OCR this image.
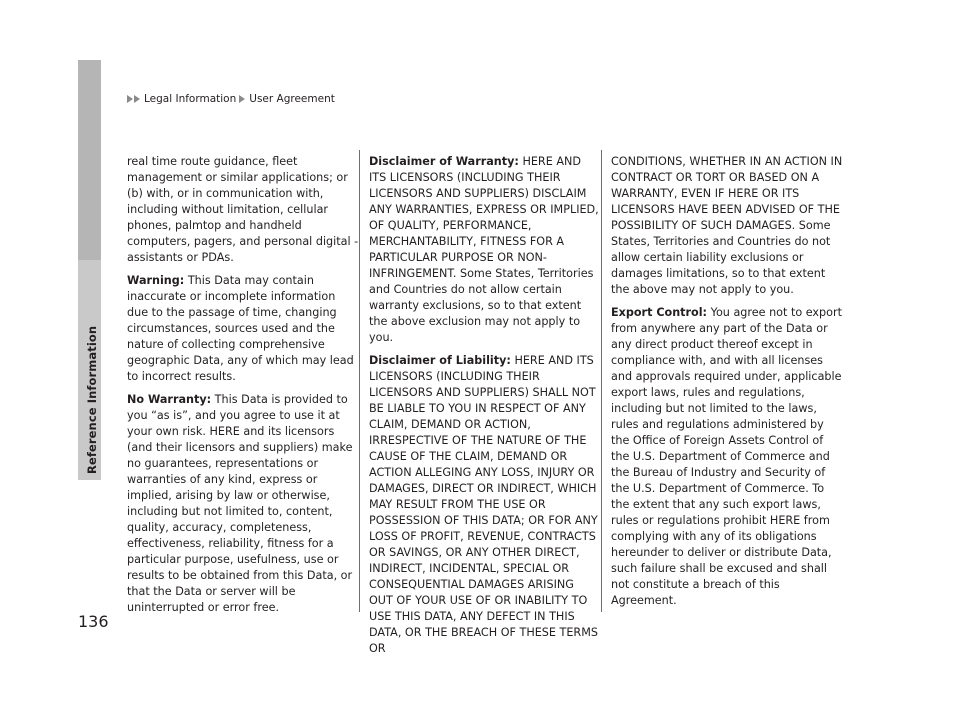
Legal Information User Agreement
Reference Information

real time route guidance, fleet management or similar applications; or (b) with, or in communication with, including without limitation, cellular phones, palmtop and handheld computers, pagers, and personal digital -assistants or PDAs.

Warning: This Data may contain inaccurate or incomplete information due to the passage of time, changing circumstances, sources used and the nature of collecting comprehensive geographic Data, any of which may lead to incorrect results.

No Warranty: This Data is provided to you “as is”, and you agree to use it at your own risk. HERE and its licensors (and their licensors and suppliers) make no guarantees, representations or warranties of any kind, express or implied, arising by law or otherwise, including but not limited to, content, quality, accuracy, completeness, effectiveness, reliability, fitness for a particular purpose, usefulness, use or results to be obtained from this Data, or that the Data or server will be uninterrupted or error free.

Disclaimer of Warranty: HERE AND ITS LICENSORS (INCLUDING THEIR LICENSORS AND SUPPLIERS) DISCLAIM ANY WARRANTIES, EXPRESS OR IMPLIED, OF QUALITY, PERFORMANCE, MERCHANTABILITY, FITNESS FOR A PARTICULAR PURPOSE OR NON-INFRINGEMENT. Some States, Territories and Countries do not allow certain warranty exclusions, so to that extent the above exclusion may not apply to you.

Disclaimer of Liability: HERE AND ITS LICENSORS (INCLUDING THEIR LICENSORS AND SUPPLIERS) SHALL NOT BE LIABLE TO YOU IN RESPECT OF ANY CLAIM, DEMAND OR ACTION, IRRESPECTIVE OF THE NATURE OF THE CAUSE OF THE CLAIM, DEMAND OR ACTION ALLEGING ANY LOSS, INJURY OR DAMAGES, DIRECT OR INDIRECT, WHICH MAY RESULT FROM THE USE OR POSSESSION OF THIS DATA; OR FOR ANY LOSS OF PROFIT, REVENUE, CONTRACTS OR SAVINGS, OR ANY OTHER DIRECT, INDIRECT, INCIDENTAL, SPECIAL OR CONSEQUENTIAL DAMAGES ARISING OUT OF YOUR USE OF OR INABILITY TO USE THIS DATA, ANY DEFECT IN THIS DATA, OR THE BREACH OF THESE TERMS OR

CONDITIONS, WHETHER IN AN ACTION IN CONTRACT OR TORT OR BASED ON A WARRANTY, EVEN IF HERE OR ITS LICENSORS HAVE BEEN ADVISED OF THE POSSIBILITY OF SUCH DAMAGES. Some States, Territories and Countries do not allow certain liability exclusions or damages limitations, so to that extent the above may not apply to you.

Export Control: You agree not to export from anywhere any part of the Data or any direct product thereof except in compliance with, and with all licenses and approvals required under, applicable export laws, rules and regulations, including but not limited to the laws, rules and regulations administered by the Office of Foreign Assets Control of the U.S. Department of Commerce and the Bureau of Industry and Security of the U.S. Department of Commerce. To the extent that any such export laws, rules or regulations prohibit HERE from complying with any of its obligations hereunder to deliver or distribute Data, such failure shall be excused and shall not constitute a breach of this Agreement.

136
